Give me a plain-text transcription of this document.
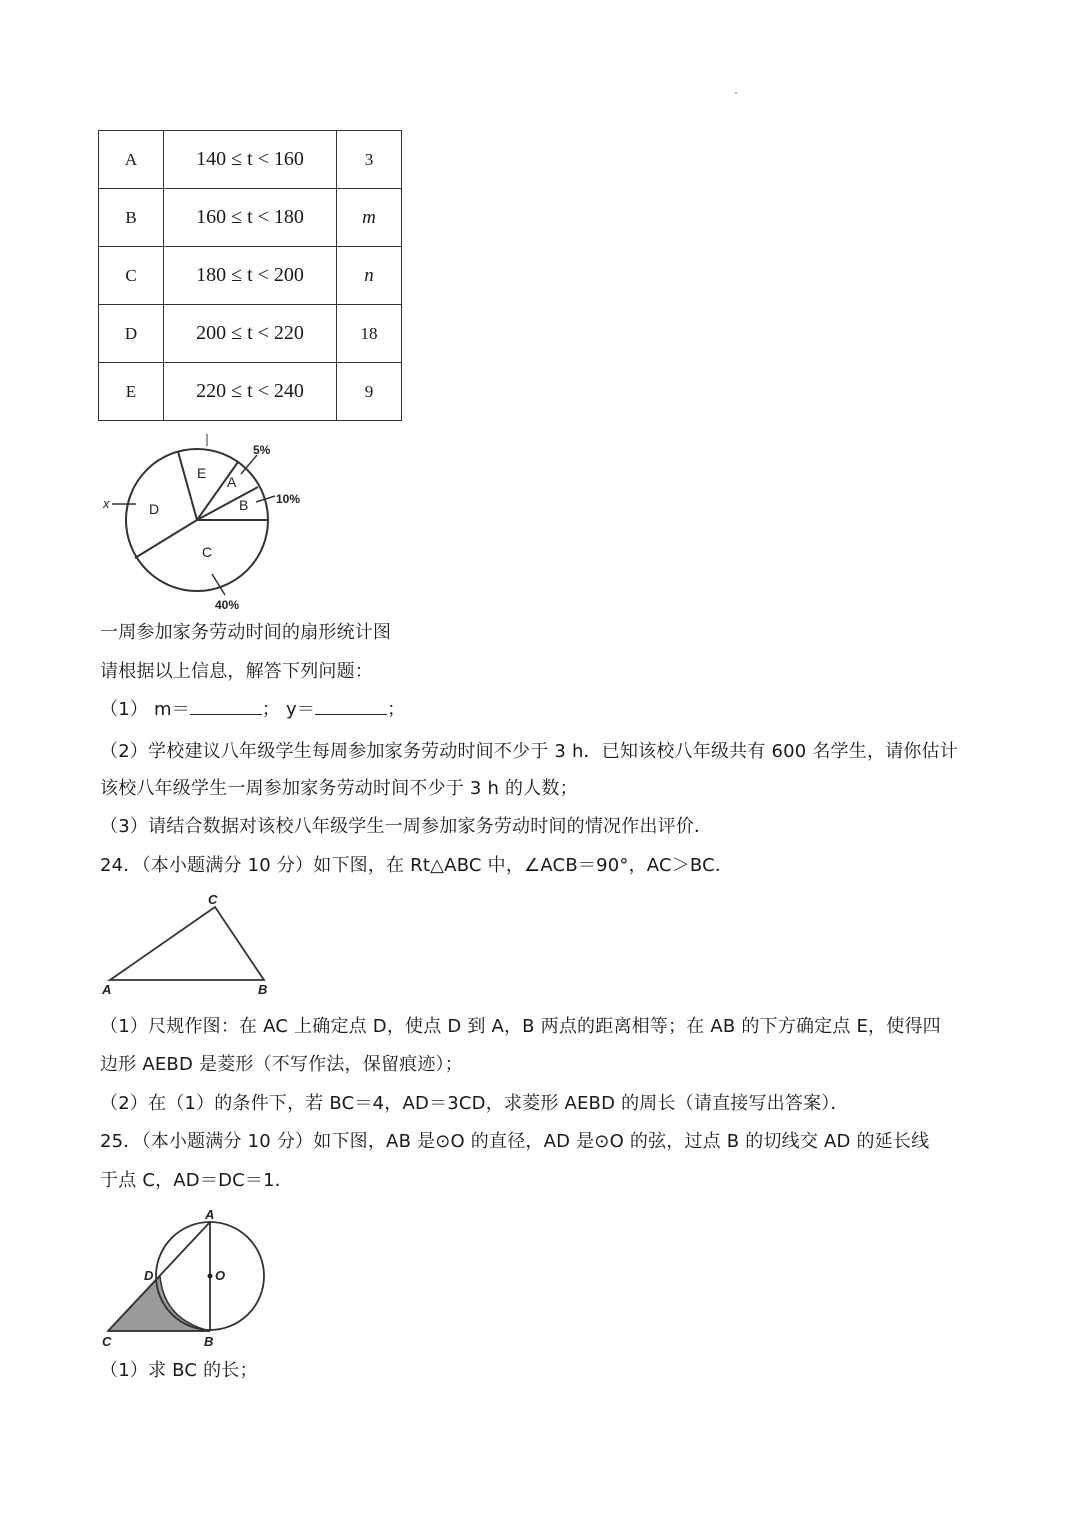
A	140 ≤ t < 160	3
B	160 ≤ t < 180	m
C	180 ≤ t < 200	n
D	200 ≤ t < 220	18
E	220 ≤ t < 240	9
E
A
B
D
C
5%
10%
40%
x
一周参加家务劳动时间的扇形统计图
请根据以上信息，解答下列问题：
（1） m＝	； y＝	；
（2）学校建议八年级学生每周参加家务劳动时间不少于 3 h．已知该校八年级共有 600 名学生，请你估计
该校八年级学生一周参加家务劳动时间不少于 3 h 的人数；
（3）请结合数据对该校八年级学生一周参加家务劳动时间的情况作出评价．
24．（本小题满分 10 分）如下图，在 Rt△ABC 中，∠ACB＝90°，AC＞BC．
A	B
C
（1）尺规作图：在 AC 上确定点 D，使点 D 到 A，B 两点的距离相等；在 AB 的下方确定点 E，使得四
边形 AEBD 是菱形（不写作法，保留痕迹）；
（2）在（1）的条件下，若 BC＝4，AD＝3CD，求菱形 AEBD 的周长（请直接写出答案）．
25．（本小题满分 10 分）如下图，AB 是⊙O 的直径，AD 是⊙O 的弦，过点 B 的切线交 AD 的延长线
于点 C，AD＝DC＝1．
A
O
D
C	B
（1）求 BC 的长；
